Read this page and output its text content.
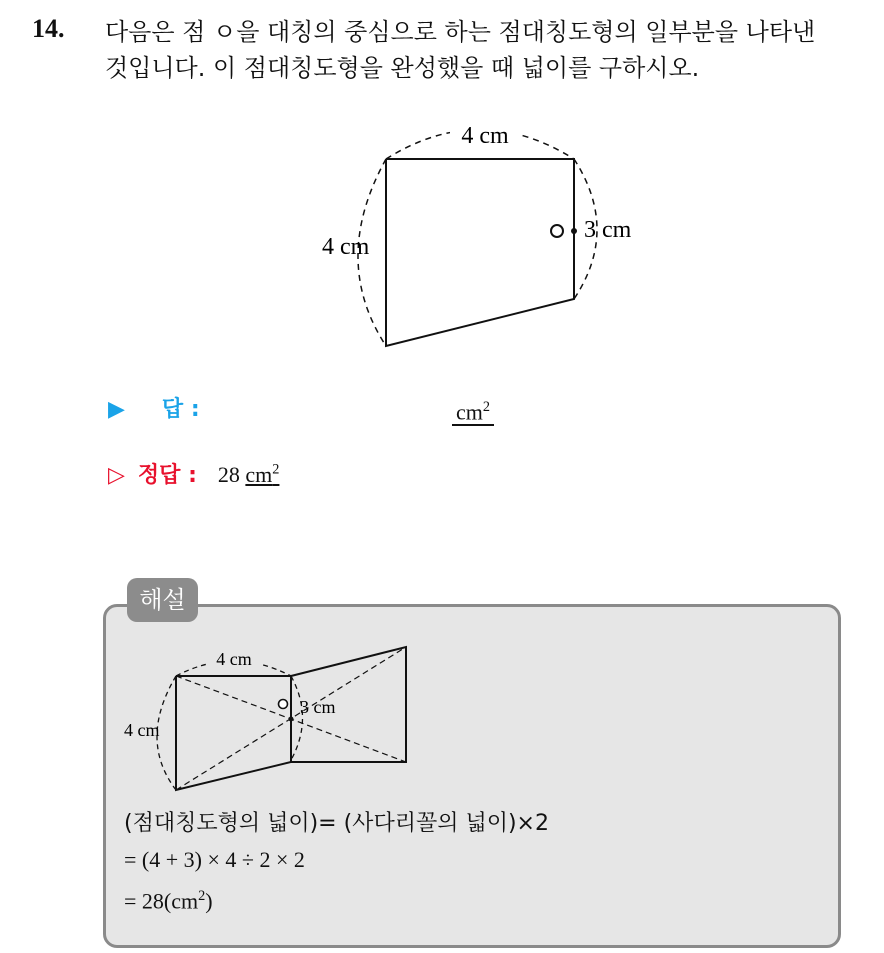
14. 다음은 점 ㅇ을 대칭의 중심으로 하는 점대칭도형의 일부분을 나타낸
것입니다. 이 점대칭도형을 완성했을 때 넓이를 구하시오.
4 cm
4 cm
3 cm
▶ 답 :	$cm^2$
▷ 정답 : 28 $cm^2$
해설
4 cm
4 cm
3 cm
(점대칭도형의 넓이)= (사다리꼴의 넓이)×2
= (4 + 3) × 4 ÷ 2 × 2
= $28(cm^2)$
